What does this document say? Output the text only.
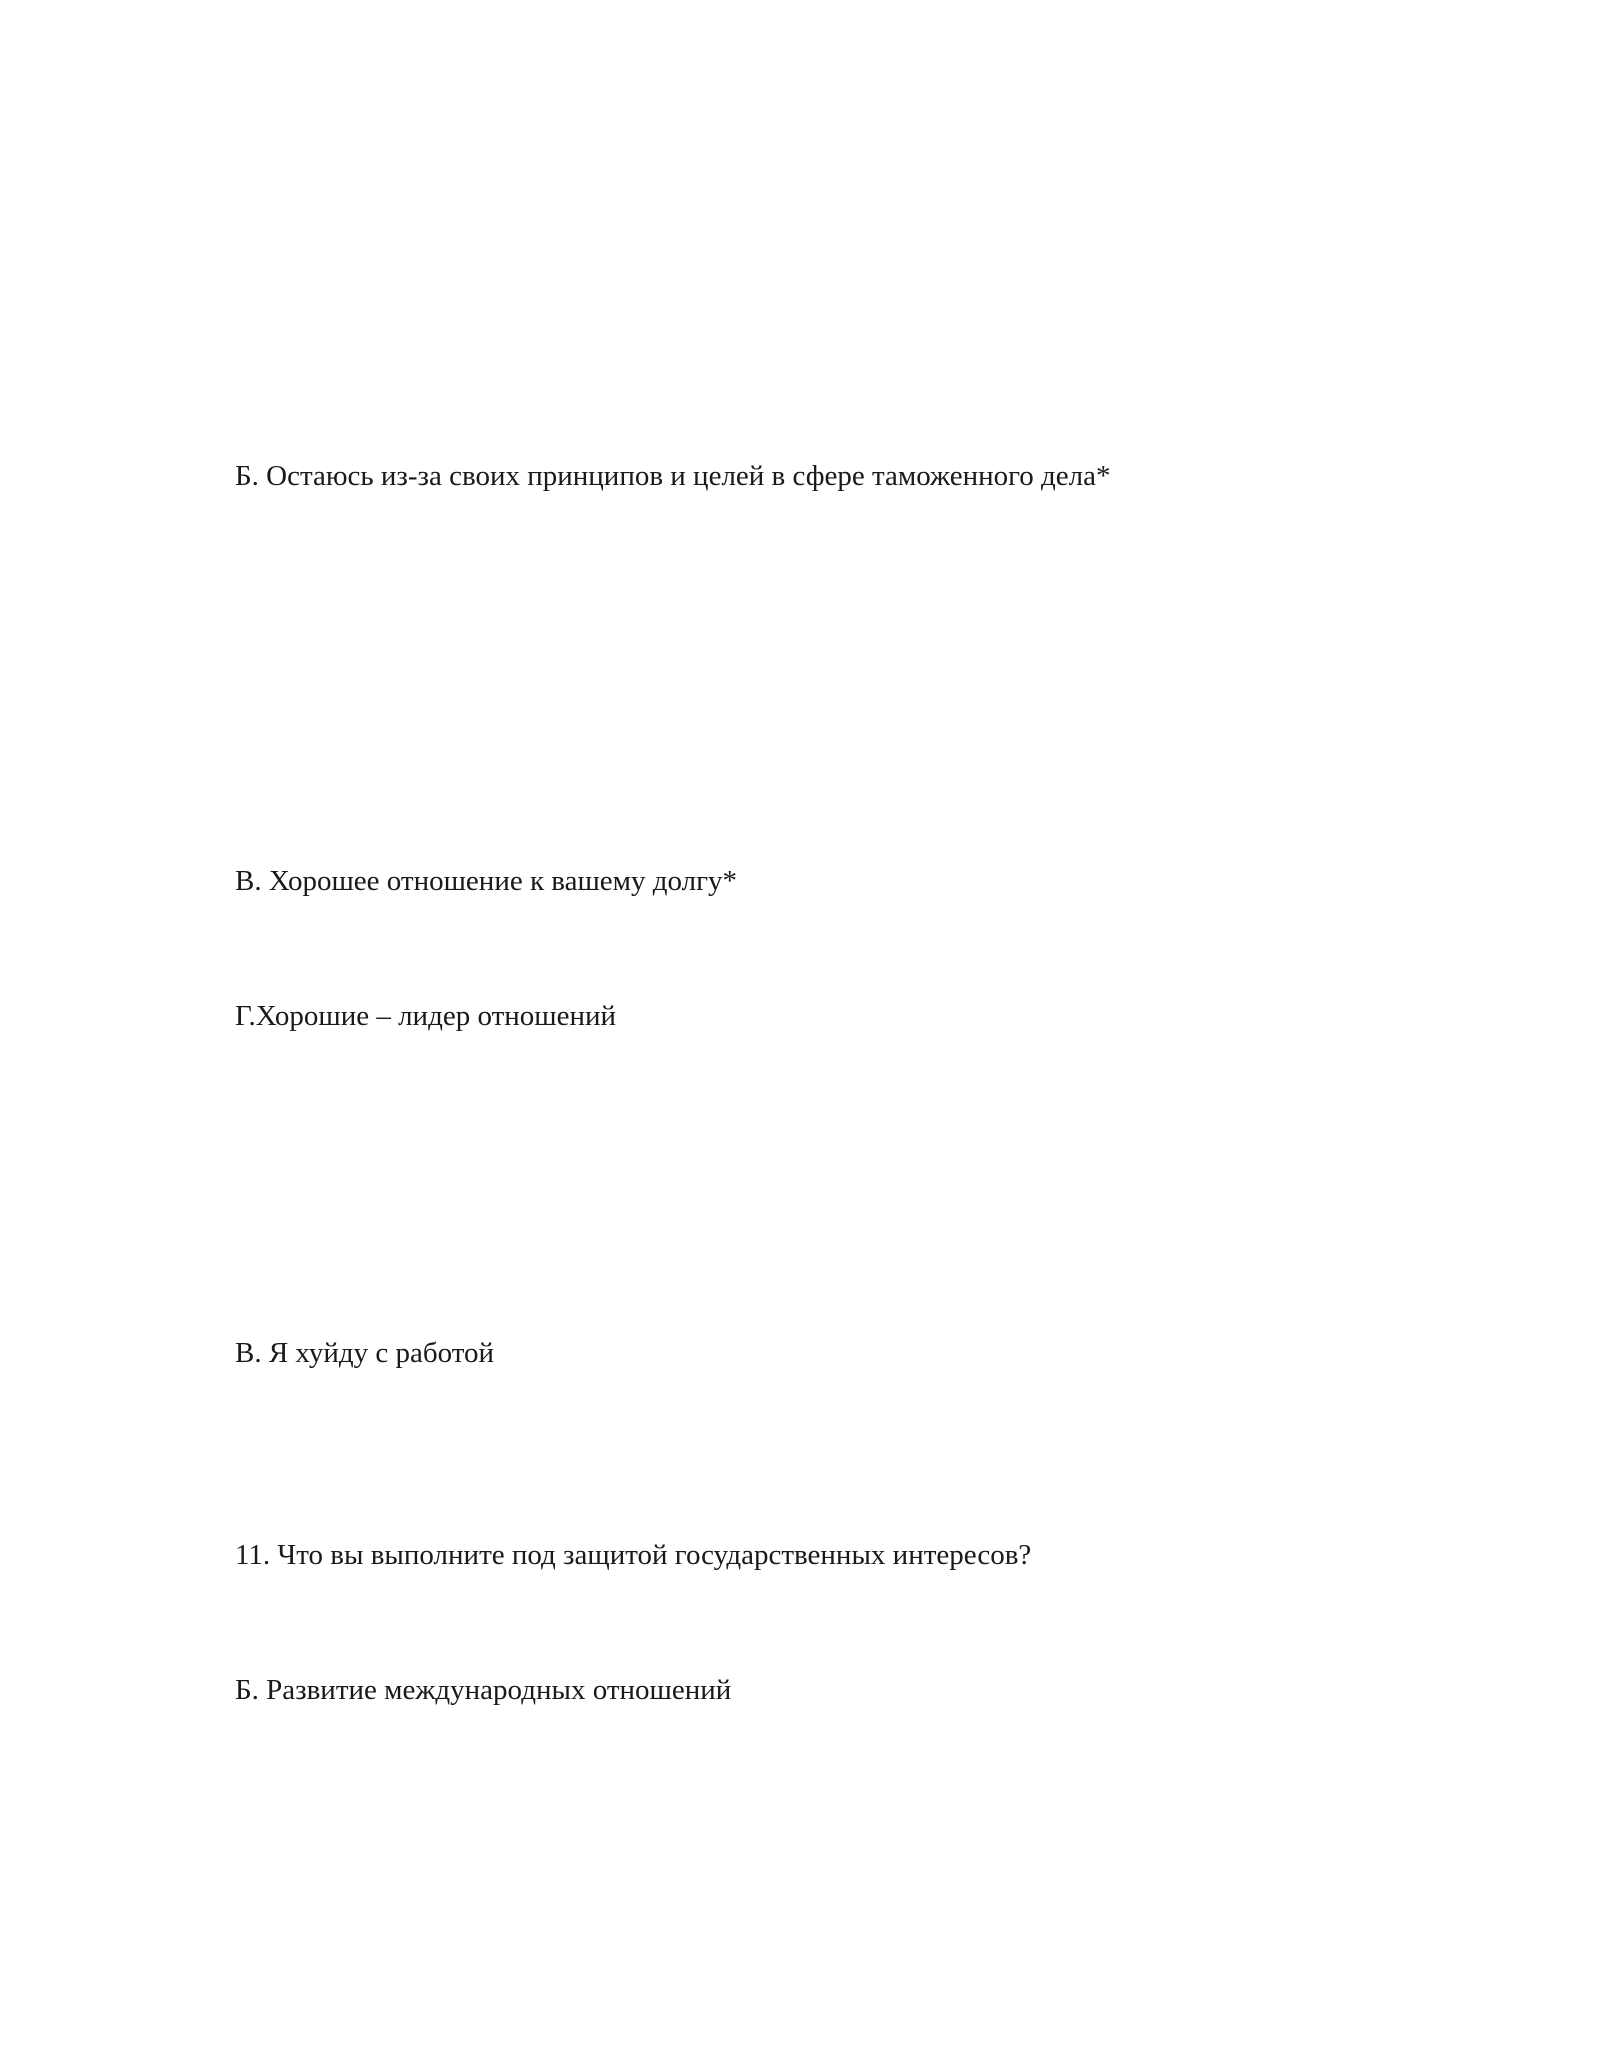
Б. Остаюсь из-за своих принципов и целей в сфере таможенного дела*
В. Хорошее отношение к вашему долгу*
Г.Хорошие – лидер отношений
В. Я хуйду с работой
11. Что вы выполните под защитой государственных интересов?
Б. Развитие международных отношений
